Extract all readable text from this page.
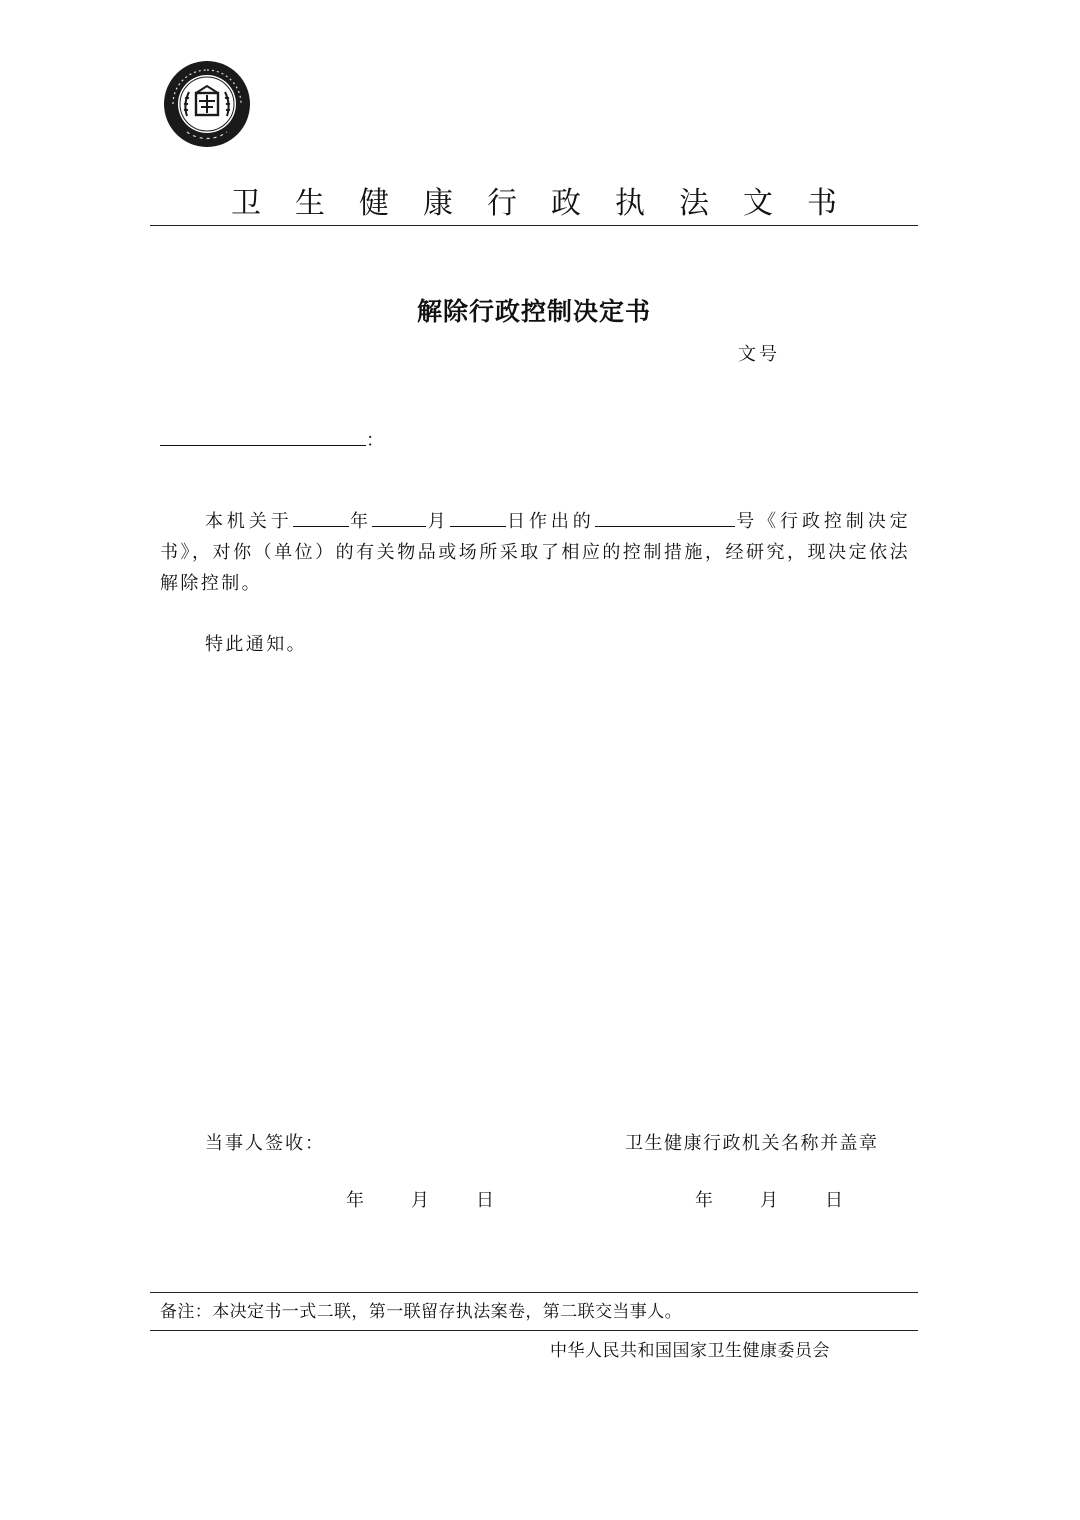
卫生健康行政执法文书
解除行政控制决定书
文号
：

本机关于	年	月	日作出的	号《行政控制决定书》，对你（单位）的有关物品或场所采取了相应的控制措施，经研究，现决定依法解除控制。

特此通知。

当事人签收：	卫生健康行政机关名称并盖章
年	月	日	年	月	日
备注：本决定书一式二联，第一联留存执法案卷，第二联交当事人。
中华人民共和国国家卫生健康委员会
